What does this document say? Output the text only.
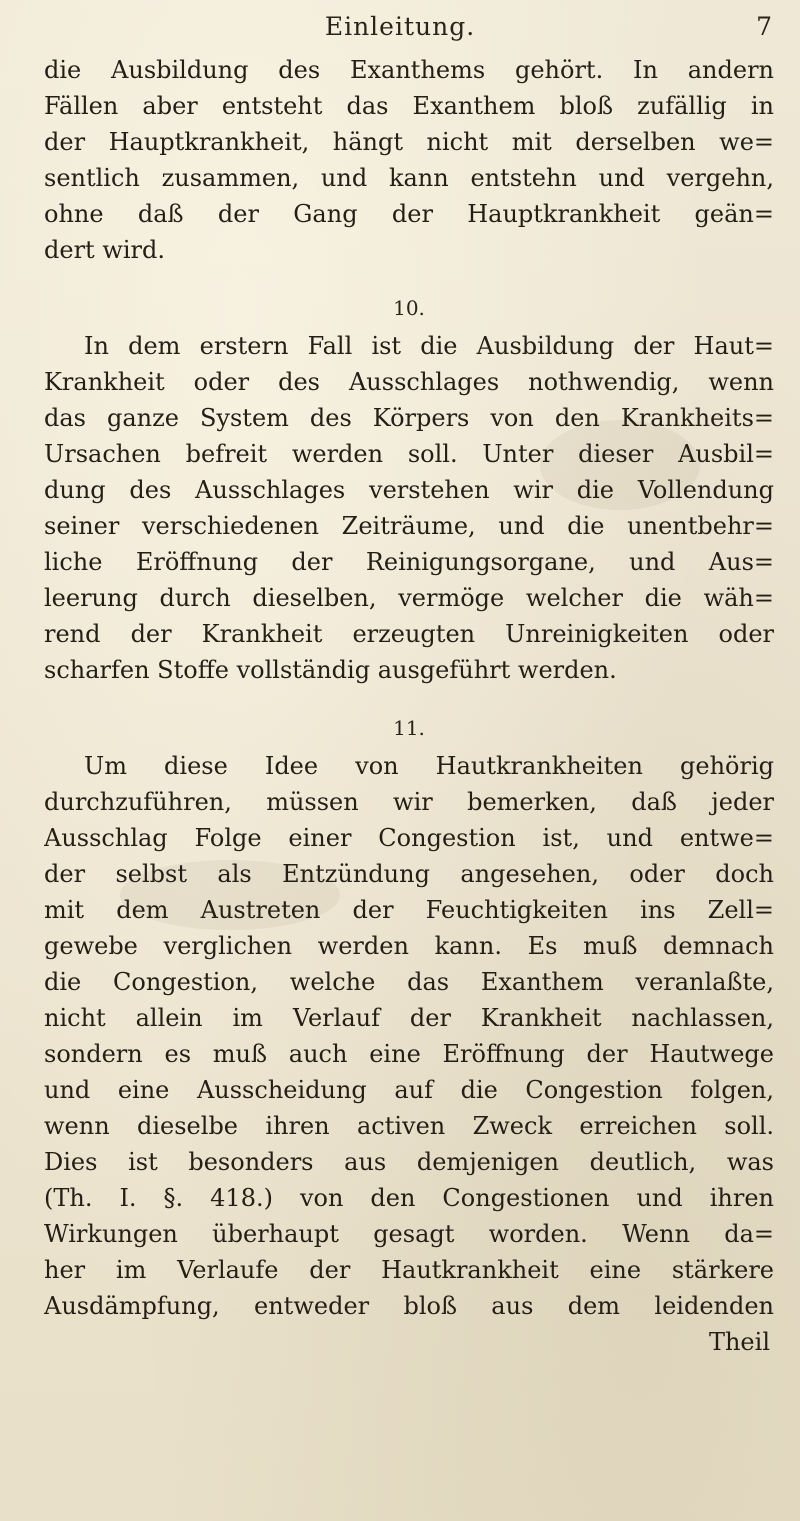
Einleitung.	7
die Ausbildung des Exanthems gehört. In andern
Fällen aber entsteht das Exanthem bloß zufällig in
der Hauptkrankheit, hängt nicht mit derselben we=
sentlich zusammen, und kann entstehn und vergehn,
ohne daß der Gang der Hauptkrankheit geän=
dert wird.
10.
In dem erstern Fall ist die Ausbildung der Haut=
Krankheit oder des Ausschlages nothwendig, wenn
das ganze System des Körpers von den Krankheits=
Ursachen befreit werden soll. Unter dieser Ausbil=
dung des Ausschlages verstehen wir die Vollendung
seiner verschiedenen Zeiträume, und die unentbehr=
liche Eröffnung der Reinigungsorgane, und Aus=
leerung durch dieselben, vermöge welcher die wäh=
rend der Krankheit erzeugten Unreinigkeiten oder
scharfen Stoffe vollständig ausgeführt werden.
11.
Um diese Idee von Hautkrankheiten gehörig
durchzuführen, müssen wir bemerken, daß jeder
Ausschlag Folge einer Congestion ist, und entwe=
der selbst als Entzündung angesehen, oder doch
mit dem Austreten der Feuchtigkeiten ins Zell=
gewebe verglichen werden kann. Es muß demnach
die Congestion, welche das Exanthem veranlaßte,
nicht allein im Verlauf der Krankheit nachlassen,
sondern es muß auch eine Eröffnung der Hautwege
und eine Ausscheidung auf die Congestion folgen,
wenn dieselbe ihren activen Zweck erreichen soll.
Dies ist besonders aus demjenigen deutlich, was
(Th. I. §. 418.) von den Congestionen und ihren
Wirkungen überhaupt gesagt worden. Wenn da=
her im Verlaufe der Hautkrankheit eine stärkere
Ausdämpfung, entweder bloß aus dem leidenden
Theil
